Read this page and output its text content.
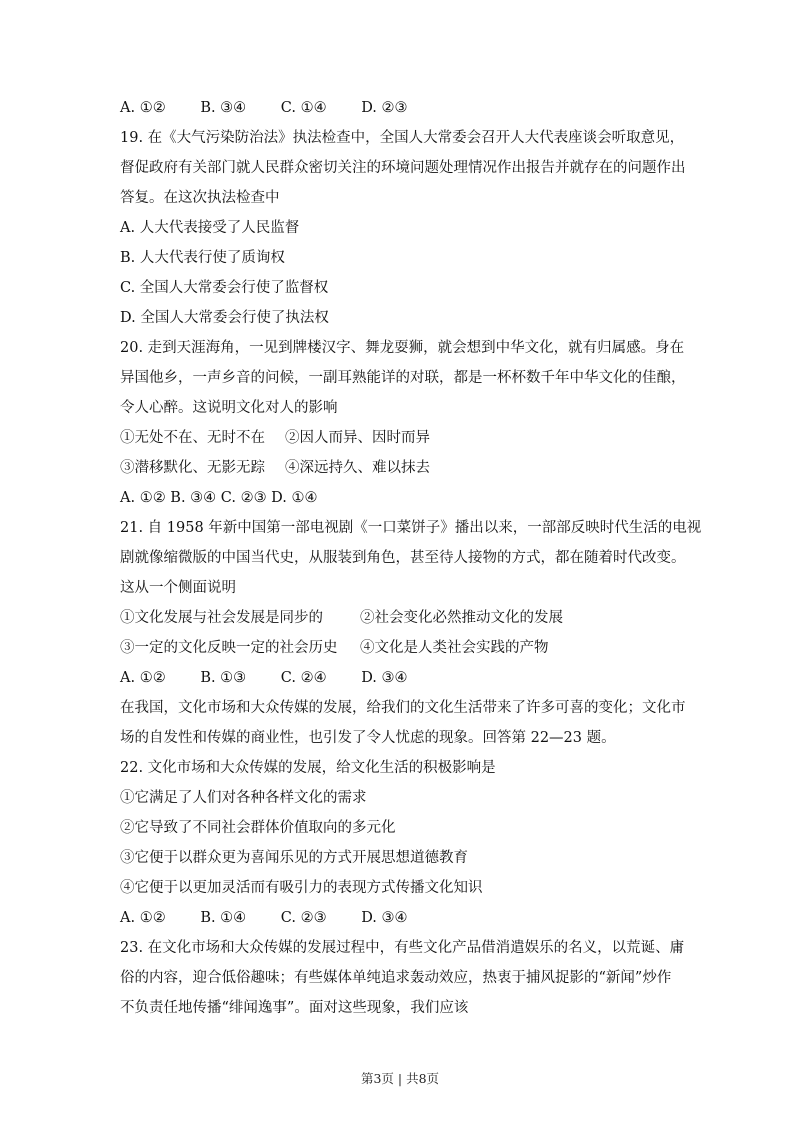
A. ①② B. ③④ C. ①④ D. ②③
19. 在《大气污染防治法》执法检查中，全国人大常委会召开人大代表座谈会听取意见，
督促政府有关部门就人民群众密切关注的环境问题处理情况作出报告并就存在的问题作出
答复。在这次执法检查中
A. 人大代表接受了人民监督
B. 人大代表行使了质询权
C. 全国人大常委会行使了监督权
D. 全国人大常委会行使了执法权
20. 走到天涯海角，一见到牌楼汉字、舞龙耍狮，就会想到中华文化，就有归属感。身在
异国他乡，一声乡音的问候，一副耳熟能详的对联，都是一杯杯数千年中华文化的佳酿，
令人心醉。这说明文化对人的影响
①无处不在、无时不在 ②因人而异、因时而异
③潜移默化、无影无踪 ④深远持久、难以抹去
A. ①② B. ③④ C. ②③ D. ①④
21. 自 1958 年新中国第一部电视剧《一口菜饼子》播出以来，一部部反映时代生活的电视
剧就像缩微版的中国当代史，从服装到角色，甚至待人接物的方式，都在随着时代改变。
这从一个侧面说明
①文化发展与社会发展是同步的	②社会变化必然推动文化的发展
③一定的文化反映一定的社会历史 ④文化是人类社会实践的产物
A. ①② B. ①③ C. ②④ D. ③④
在我国，文化市场和大众传媒的发展，给我们的文化生活带来了许多可喜的变化；文化市
场的自发性和传媒的商业性，也引发了令人忧虑的现象。回答第 22—23 题。
22. 文化市场和大众传媒的发展，给文化生活的积极影响是
①它满足了人们对各种各样文化的需求
②它导致了不同社会群体价值取向的多元化
③它便于以群众更为喜闻乐见的方式开展思想道德教育
④它便于以更加灵活而有吸引力的表现方式传播文化知识
A. ①② B. ①④ C. ②③ D. ③④
23. 在文化市场和大众传媒的发展过程中，有些文化产品借消遣娱乐的名义，以荒诞、庸
俗的内容，迎合低俗趣味；有些媒体单纯追求轰动效应，热衷于捕风捉影的“新闻”炒作
不负责任地传播“绯闻逸事”。面对这些现象，我们应该
第3页 | 共8页
